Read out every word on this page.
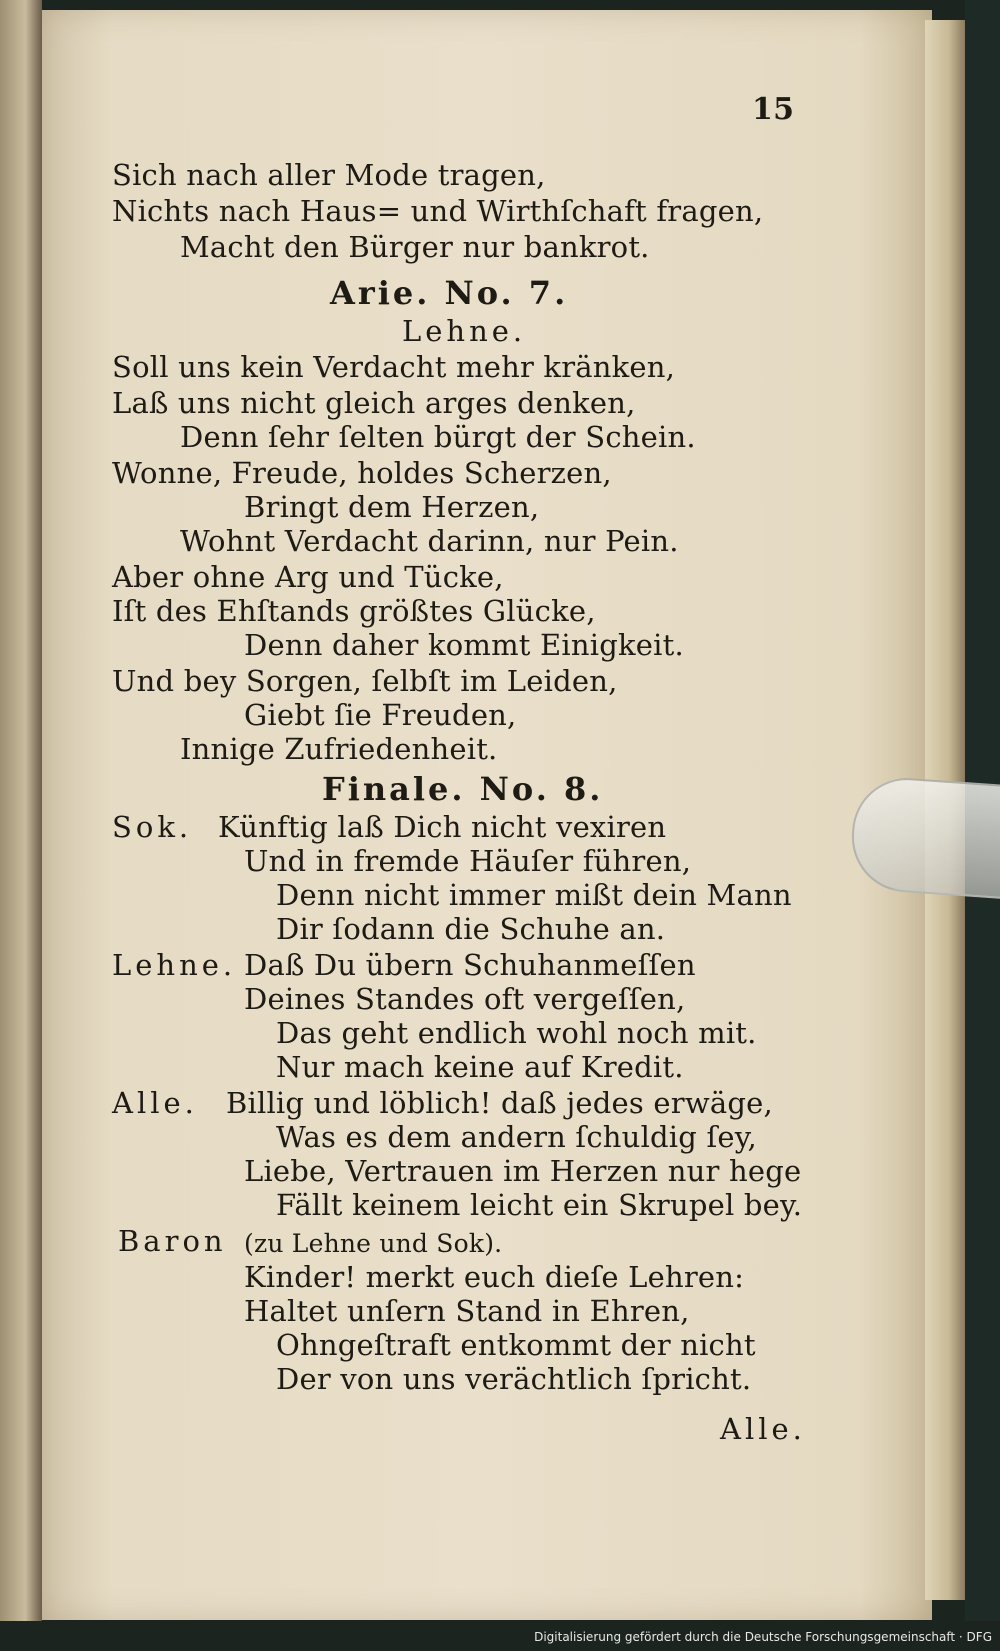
15
Sich nach aller Mode tragen,
Nichts nach Haus= und Wirthſchaft fragen,
Macht den Bürger nur bankrot.
Arie. No. 7.
Lehne.
Soll uns kein Verdacht mehr kränken,
Laß uns nicht gleich arges denken,
Denn ſehr ſelten bürgt der Schein.
Wonne, Freude, holdes Scherzen,
Bringt dem Herzen,
Wohnt Verdacht darinn, nur Pein.
Aber ohne Arg und Tücke,
Iſt des Ehſtands größtes Glücke,
Denn daher kommt Einigkeit.
Und bey Sorgen, ſelbſt im Leiden,
Giebt ſie Freuden,
Innige Zufriedenheit.
Finale. No. 8.
Sok. Künftig laß Dich nicht vexiren
Und in fremde Häuſer führen,
Denn nicht immer mißt dein Mann
Dir ſodann die Schuhe an.
Lehne. Daß Du übern Schuhanmeſſen
Deines Standes oft vergeſſen,
Das geht endlich wohl noch mit.
Nur mach keine auf Kredit.
Alle. Billig und löblich! daß jedes erwäge,
Was es dem andern ſchuldig ſey,
Liebe, Vertrauen im Herzen nur hege
Fällt keinem leicht ein Skrupel bey.
Baron (zu Lehne und Sok).
Kinder! merkt euch dieſe Lehren:
Haltet unſern Stand in Ehren,
Ohngeſtraft entkommt der nicht
Der von uns verächtlich ſpricht.
Alle.
Digitalisierung gefördert durch die Deutsche Forschungsgemeinschaft · DFG
